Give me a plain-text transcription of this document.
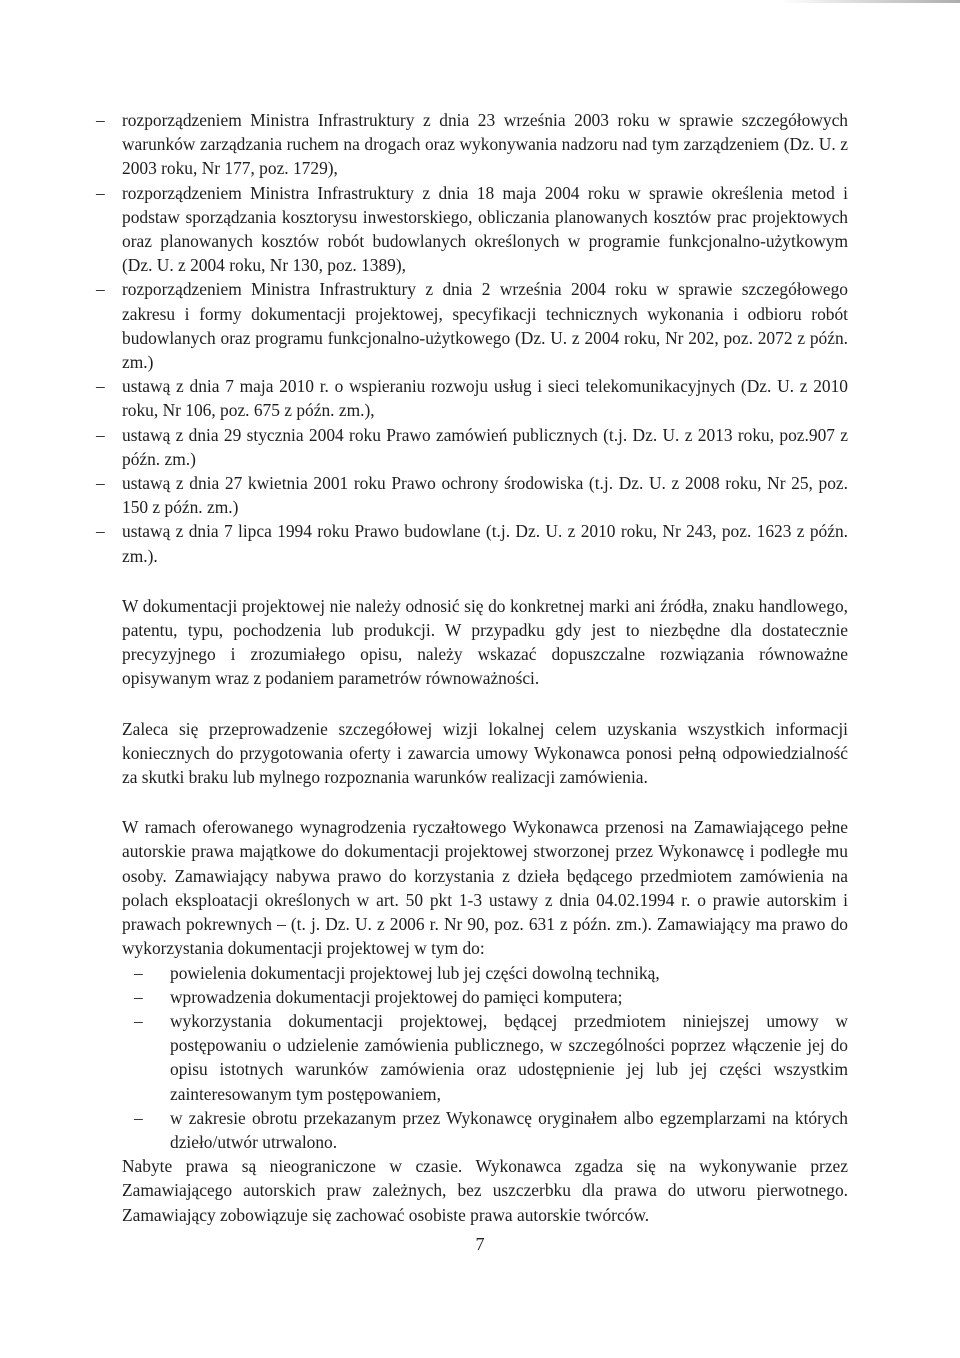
– rozporządzeniem Ministra Infrastruktury z dnia 23 września 2003 roku w sprawie szczegółowych warunków zarządzania ruchem na drogach oraz wykonywania nadzoru nad tym zarządzeniem (Dz. U. z 2003 roku, Nr 177, poz. 1729),
– rozporządzeniem Ministra Infrastruktury z dnia 18 maja 2004 roku w sprawie określenia metod i podstaw sporządzania kosztorysu inwestorskiego, obliczania planowanych kosztów prac projektowych oraz planowanych kosztów robót budowlanych określonych w programie funkcjonalno-użytkowym (Dz. U. z 2004 roku, Nr 130, poz. 1389),
– rozporządzeniem Ministra Infrastruktury z dnia 2 września 2004 roku w sprawie szczegółowego zakresu i formy dokumentacji projektowej, specyfikacji technicznych wykonania i odbioru robót budowlanych oraz programu funkcjonalno-użytkowego (Dz. U. z 2004 roku, Nr 202, poz. 2072 z późn. zm.)
– ustawą z dnia 7 maja 2010 r. o wspieraniu rozwoju usług i sieci telekomunikacyjnych (Dz. U. z 2010 roku, Nr 106, poz. 675 z późn. zm.),
– ustawą z dnia 29 stycznia 2004 roku Prawo zamówień publicznych (t.j. Dz. U. z 2013 roku, poz.907 z późn. zm.)
– ustawą z dnia 27 kwietnia 2001 roku Prawo ochrony środowiska (t.j. Dz. U. z 2008 roku, Nr 25, poz. 150 z późn. zm.)
– ustawą z dnia 7 lipca 1994 roku Prawo budowlane (t.j. Dz. U. z 2010 roku, Nr 243, poz. 1623 z późn. zm.).

W dokumentacji projektowej nie należy odnosić się do konkretnej marki ani źródła, znaku handlowego, patentu, typu, pochodzenia lub produkcji. W przypadku gdy jest to niezbędne dla dostatecznie precyzyjnego i zrozumiałego opisu, należy wskazać dopuszczalne rozwiązania równoważne opisywanym wraz z podaniem parametrów równoważności.

Zaleca się przeprowadzenie szczegółowej wizji lokalnej celem uzyskania wszystkich informacji koniecznych do przygotowania oferty i zawarcia umowy Wykonawca ponosi pełną odpowiedzialność za skutki braku lub mylnego rozpoznania warunków realizacji zamówienia.

W ramach oferowanego wynagrodzenia ryczałtowego Wykonawca przenosi na Zamawiającego pełne autorskie prawa majątkowe do dokumentacji projektowej stworzonej przez Wykonawcę i podległe mu osoby. Zamawiający nabywa prawo do korzystania z dzieła będącego przedmiotem zamówienia na polach eksploatacji określonych w art. 50 pkt 1-3 ustawy z dnia 04.02.1994 r. o prawie autorskim i prawach pokrewnych – (t. j. Dz. U. z 2006 r. Nr 90, poz. 631 z późn. zm.). Zamawiający ma prawo do wykorzystania dokumentacji projektowej w tym do:

– powielenia dokumentacji projektowej lub jej części dowolną techniką,
– wprowadzenia dokumentacji projektowej do pamięci komputera;
– wykorzystania dokumentacji projektowej, będącej przedmiotem niniejszej umowy w postępowaniu o udzielenie zamówienia publicznego, w szczególności poprzez włączenie jej do opisu istotnych warunków zamówienia oraz udostępnienie jej lub jej części wszystkim zainteresowanym tym postępowaniem,
– w zakresie obrotu przekazanym przez Wykonawcę oryginałem albo egzemplarzami na których dzieło/utwór utrwalono.

Nabyte prawa są nieograniczone w czasie. Wykonawca zgadza się na wykonywanie przez Zamawiającego autorskich praw zależnych, bez uszczerbku dla prawa do utworu pierwotnego. Zamawiający zobowiązuje się zachować osobiste prawa autorskie twórców.

7
